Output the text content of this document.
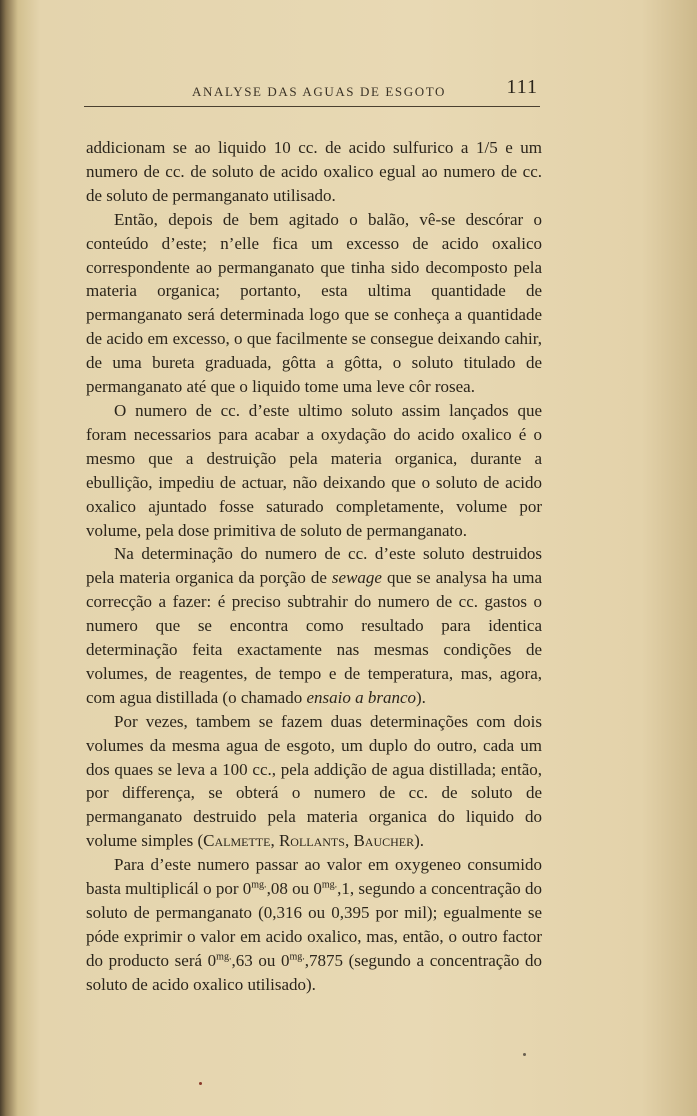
ANALYSE DAS AGUAS DE ESGOTO	111

addicionam se ao liquido 10 cc. de acido sulfurico a 1/5 e um numero de cc. de soluto de acido oxalico egual ao numero de cc. de soluto de permanganato utilisado.

Então, depois de bem agitado o balão, vê-se descórar o conteúdo d’este; n’elle fica um excesso de acido oxalico correspondente ao permanganato que tinha sido decomposto pela materia organica; portanto, esta ultima quantidade de permanganato será determinada logo que se conheça a quantidade de acido em excesso, o que facilmente se consegue deixando cahir, de uma bureta graduada, gôtta a gôtta, o soluto titulado de permanganato até que o liquido tome uma leve côr rosea.

O numero de cc. d’este ultimo soluto assim lançados que foram necessarios para acabar a oxydação do acido oxalico é o mesmo que a destruição pela materia organica, durante a ebullição, impediu de actuar, não deixando que o soluto de acido oxalico ajuntado fosse saturado completamente, volume por volume, pela dose primitiva de soluto de permanganato.

Na determinação do numero de cc. d’este soluto destruidos pela materia organica da porção de sewage que se analysa ha uma correcção a fazer: é preciso subtrahir do numero de cc. gastos o numero que se encontra como resultado para identica determinação feita exactamente nas mesmas condições de volumes, de reagentes, de tempo e de temperatura, mas, agora, com agua distillada (o chamado ensaio a branco).

Por vezes, tambem se fazem duas determinações com dois volumes da mesma agua de esgoto, um duplo do outro, cada um dos quaes se leva a 100 cc., pela addição de agua distillada; então, por differença, se obterá o numero de cc. de soluto de permanganato destruido pela materia organica do liquido do volume simples (Calmette, Rollants, Baucher).

Para d’este numero passar ao valor em oxygeneo consumido basta multiplicál o por $0^{mg.},08$ ou $0^{mg.},1$, segundo a concentração do soluto de permanganato (0,316 ou 0,395 por mil); egualmente se póde exprimir o valor em acido oxalico, mas, então, o outro factor do producto será $0^{mg.},63$ ou $0^{mg.},7875$ (segundo a concentração do soluto de acido oxalico utilisado).
